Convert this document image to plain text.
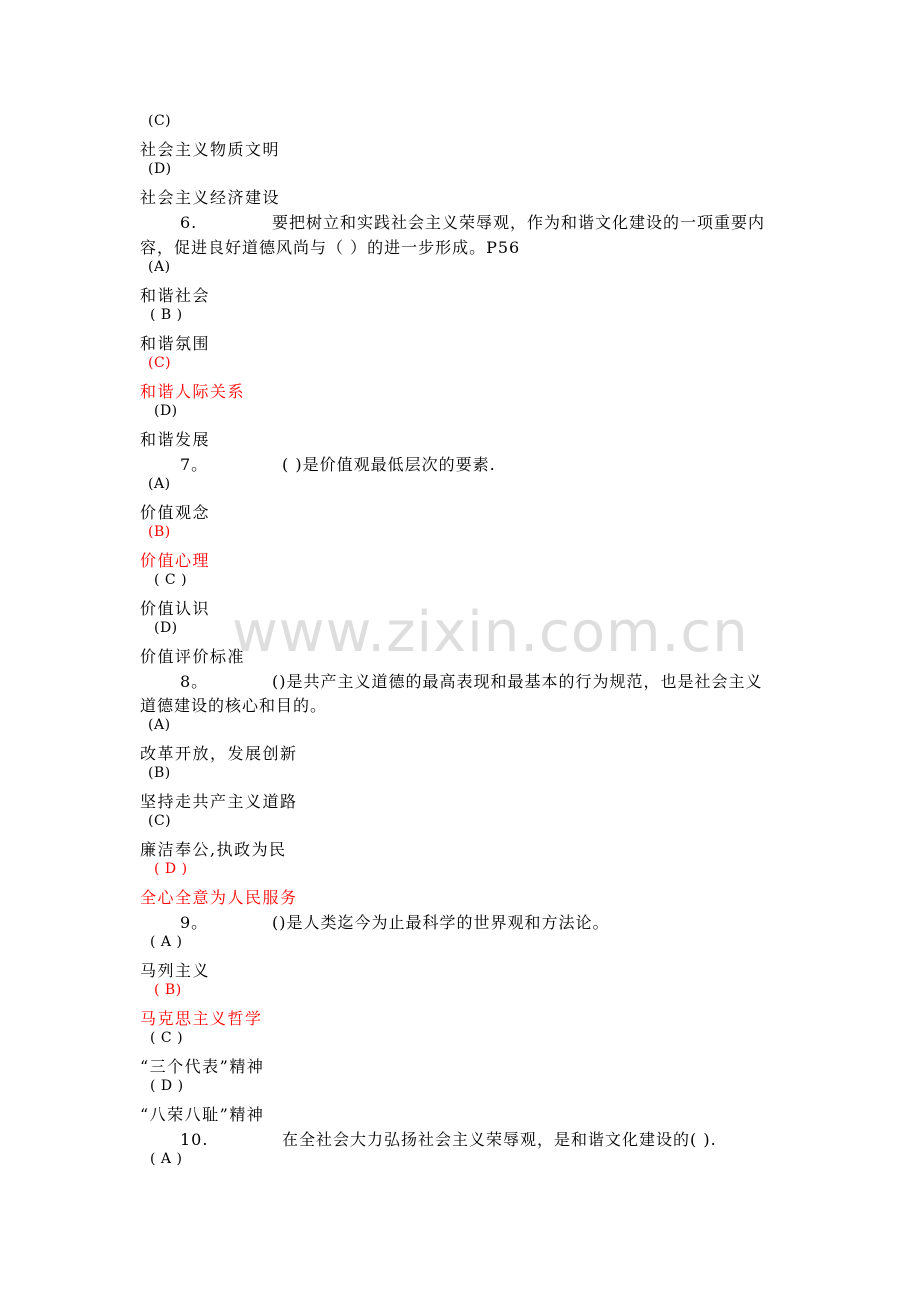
www.zixin.com.cn
(C)
社会主义物质文明
(D)
社会主义经济建设
6.	要把树立和实践社会主义荣辱观，作为和谐文化建设的一项重要内
容，促进良好道德风尚与（ ）的进一步形成。P56
(A)
和谐社会
( B )
和谐氛围
(C)
和谐人际关系
(D)
和谐发展
7。	( )是价值观最低层次的要素.
(A)
价值观念
(B)
价值心理
( C )
价值认识
(D)
价值评价标准
8。	()是共产主义道德的最高表现和最基本的行为规范，也是社会主义
道德建设的核心和目的。
(A)
改革开放，发展创新
(B)
坚持走共产主义道路
(C)
廉洁奉公,执政为民
( D )
全心全意为人民服务
9。	()是人类迄今为止最科学的世界观和方法论。
( A )
马列主义
( B)
马克思主义哲学
( C )
“三个代表”精神
( D )
“八荣八耻”精神
10.	在全社会大力弘扬社会主义荣辱观，是和谐文化建设的( ).
( A )
